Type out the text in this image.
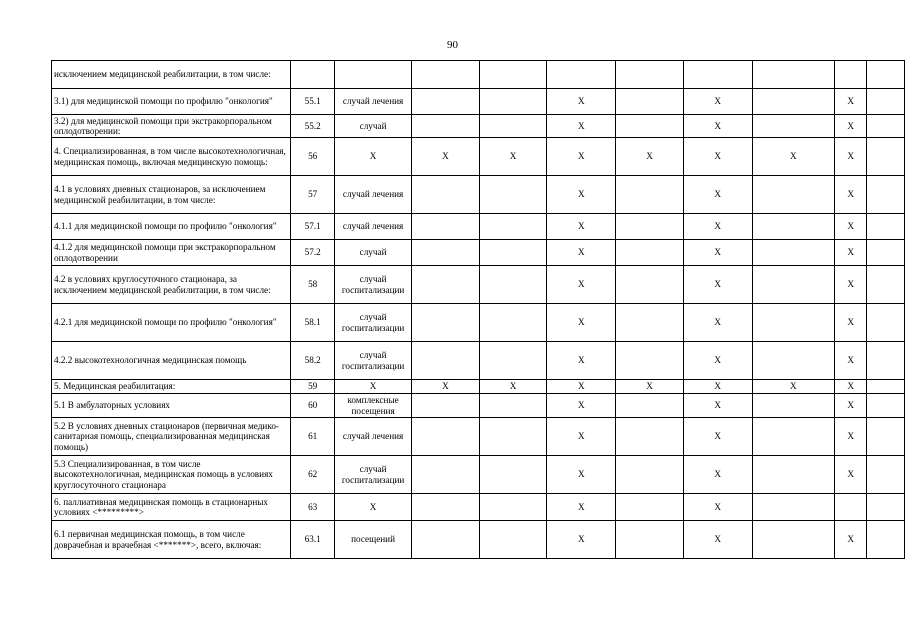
90
исключением медицинской реабилитации, в том числе:										

3.1) для медицинской помощи по профилю "онкология"	55.1	случай лечения			X		X		X	

3.2) для медицинской помощи при экстракорпоральном оплодотворении:	55.2	случай			X		X		X	

4. Специализированная, в том числе высокотехнологичная, медицинская помощь, включая медицинскую помощь:	56	X	X	X	X	X	X	X	X	

4.1 в условиях дневных стационаров, за исключением медицинской реабилитации, в том числе:	57	случай лечения			X		X		X	

4.1.1 для медицинской помощи по профилю "онкология"	57.1	случай лечения			X		X		X	

4.1.2 для медицинской помощи при экстракорпоральном оплодотворении	57.2	случай			X		X		X	

4.2 в условиях круглосуточного стационара, за исключением медицинской реабилитации, в том числе:	58	случай госпитализации			X		X		X	

4.2.1 для медицинской помощи по профилю "онкология"	58.1	случай госпитализации			X		X		X	

4.2.2 высокотехнологичная медицинская помощь	58.2	случай госпитализации			X		X		X	

5. Медицинская реабилитация:	59	X	X	X	X	X	X	X	X	

5.1 В амбулаторных условиях	60	комплексные посещения			X		X		X	

5.2 В условиях дневных стационаров (первичная медико-санитарная помощь, специализированная медицинская помощь)	61	случай лечения			X		X		X	

5.3 Специализированная, в том числе высокотехнологичная, медицинская помощь в условиях круглосуточного стационара	62	случай госпитализации			X		X		X	

6. паллиативная медицинская помощь в стационарных условиях <*********>	63	X			X		X			

6.1 первичная медицинская помощь, в том числе доврачебная и врачебная <*******>, всего, включая:	63.1	посещений			X		X		X	
